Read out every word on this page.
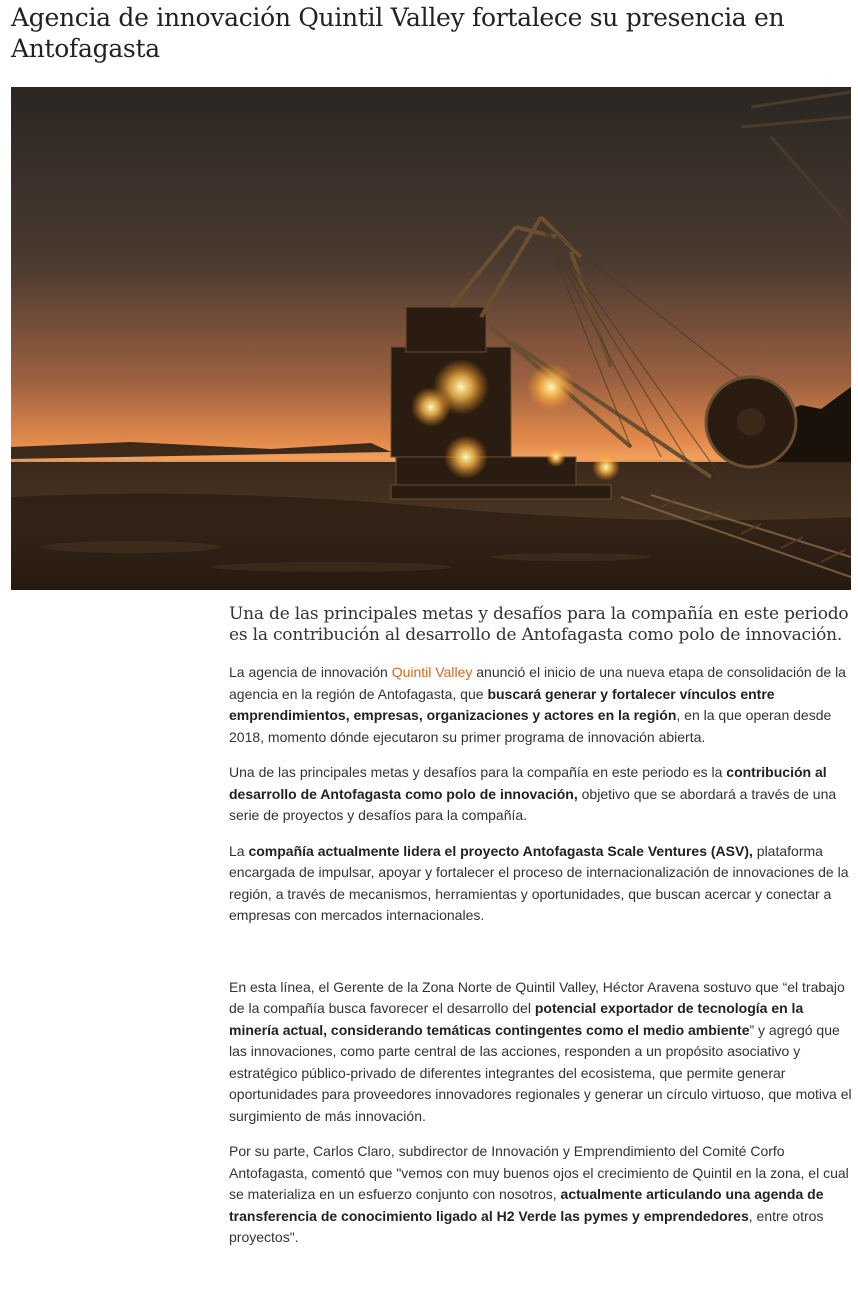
Agencia de innovación Quintil Valley fortalece su presencia en Antofagasta

Una de las principales metas y desafíos para la compañía en este periodo es la contribución al desarrollo de Antofagasta como polo de innovación.

La agencia de innovación Quintil Valley anunció el inicio de una nueva etapa de consolidación de la agencia en la región de Antofagasta, que buscará generar y fortalecer vínculos entre emprendimientos, empresas, organizaciones y actores en la región, en la que operan desde 2018, momento dónde ejecutaron su primer programa de innovación abierta.

Una de las principales metas y desafíos para la compañía en este periodo es la contribución al desarrollo de Antofagasta como polo de innovación, objetivo que se abordará a través de una serie de proyectos y desafíos para la compañía.

La compañía actualmente lidera el proyecto Antofagasta Scale Ventures (ASV), plataforma encargada de impulsar, apoyar y fortalecer el proceso de internacionalización de innovaciones de la región, a través de mecanismos, herramientas y oportunidades, que buscan acercar y conectar a empresas con mercados internacionales.

En esta línea, el Gerente de la Zona Norte de Quintil Valley, Héctor Aravena sostuvo que “el trabajo de la compañía busca favorecer el desarrollo del potencial exportador de tecnología en la minería actual, considerando temáticas contingentes como el medio ambiente” y agregó que las innovaciones, como parte central de las acciones, responden a un propósito asociativo y estratégico público-privado de diferentes integrantes del ecosistema, que permite generar oportunidades para proveedores innovadores regionales y generar un círculo virtuoso, que motiva el surgimiento de más innovación.

Por su parte, Carlos Claro, subdirector de Innovación y Emprendimiento del Comité Corfo Antofagasta, comentó que "vemos con muy buenos ojos el crecimiento de Quintil en la zona, el cual se materializa en un esfuerzo conjunto con nosotros, actualmente articulando una agenda de transferencia de conocimiento ligado al H2 Verde las pymes y emprendedores, entre otros proyectos".
